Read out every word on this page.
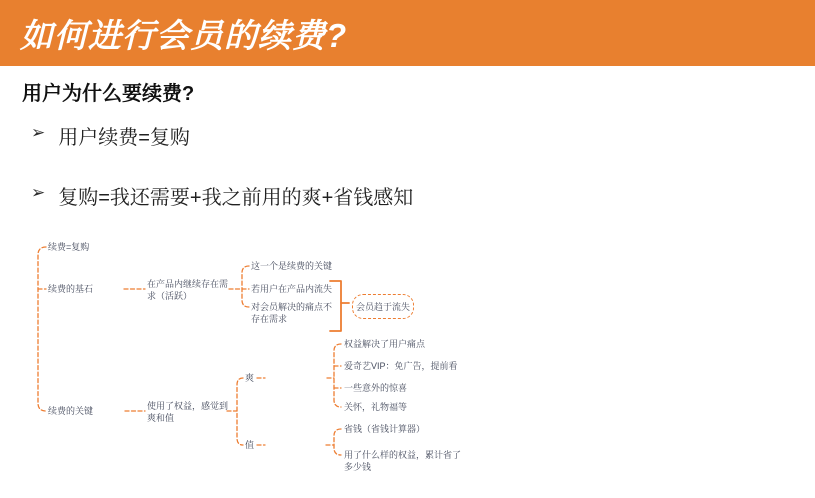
如何进行会员的续费?
用户为什么要续费?
➢ 用户续费=复购
➢ 复购=我还需要+我之前用的爽+省钱感知
续费=复购
续费的基石
续费的关键
在产品内继续存在需求（活跃）
使用了权益，感觉到爽和值
这一个是续费的关键
若用户在产品内流失
对会员解决的痛点不存在需求
会员趋于流失
爽
值
权益解决了用户痛点
爱奇艺VIP：免广告，提前看
一些意外的惊喜
关怀，礼物福等
省钱（省钱计算器）
用了什么样的权益，累计省了多少钱
